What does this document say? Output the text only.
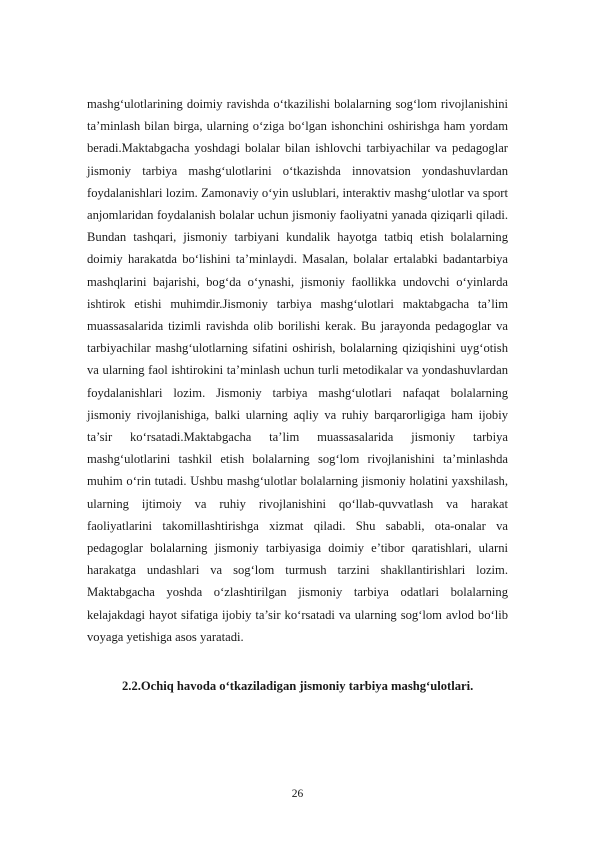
mashg‘ulotlarining doimiy ravishda o‘tkazilishi bolalarning sog‘lom rivojlanishini ta’minlash bilan birga, ularning o‘ziga bo‘lgan ishonchini oshirishga ham yordam beradi.Maktabgacha yoshdagi bolalar bilan ishlovchi tarbiyachilar va pedagoglar jismoniy tarbiya mashg‘ulotlarini o‘tkazishda innovatsion yondashuvlardan foydalanishlari lozim. Zamonaviy o‘yin uslublari, interaktiv mashg‘ulotlar va sport anjomlaridan foydalanish bolalar uchun jismoniy faoliyatni yanada qiziqarli qiladi. Bundan tashqari, jismoniy tarbiyani kundalik hayotga tatbiq etish bolalarning doimiy harakatda bo‘lishini ta’minlaydi. Masalan, bolalar ertalabki badantarbiya mashqlarini bajarishi, bog‘da o‘ynashi, jismoniy faollikka undovchi o‘yinlarda ishtirok etishi muhimdir.Jismoniy tarbiya mashg‘ulotlari maktabgacha ta’lim muassasalarida tizimli ravishda olib borilishi kerak. Bu jarayonda pedagoglar va tarbiyachilar mashg‘ulotlarning sifatini oshirish, bolalarning qiziqishini uyg‘otish va ularning faol ishtirokini ta’minlash uchun turli metodikalar va yondashuvlardan foydalanishlari lozim. Jismoniy tarbiya mashg‘ulotlari nafaqat bolalarning jismoniy rivojlanishiga, balki ularning aqliy va ruhiy barqarorligiga ham ijobiy ta’sir ko‘rsatadi.Maktabgacha ta’lim muassasalarida jismoniy tarbiya mashg‘ulotlarini tashkil etish bolalarning sog‘lom rivojlanishini ta’minlashda muhim o‘rin tutadi. Ushbu mashg‘ulotlar bolalarning jismoniy holatini yaxshilash, ularning ijtimoiy va ruhiy rivojlanishini qo‘llab-quvvatlash va harakat faoliyatlarini takomillashtirishga xizmat qiladi. Shu sababli, ota-onalar va pedagoglar bolalarning jismoniy tarbiyasiga doimiy e’tibor qaratishlari, ularni harakatga undashlari va sog‘lom turmush tarzini shakllantirishlari lozim. Maktabgacha yoshda o‘zlashtirilgan jismoniy tarbiya odatlari bolalarning kelajakdagi hayot sifatiga ijobiy ta’sir ko‘rsatadi va ularning sog‘lom avlod bo‘lib voyaga yetishiga asos yaratadi.

2.2.Ochiq havoda o‘tkaziladigan jismoniy tarbiya mashg‘ulotlari.

26
